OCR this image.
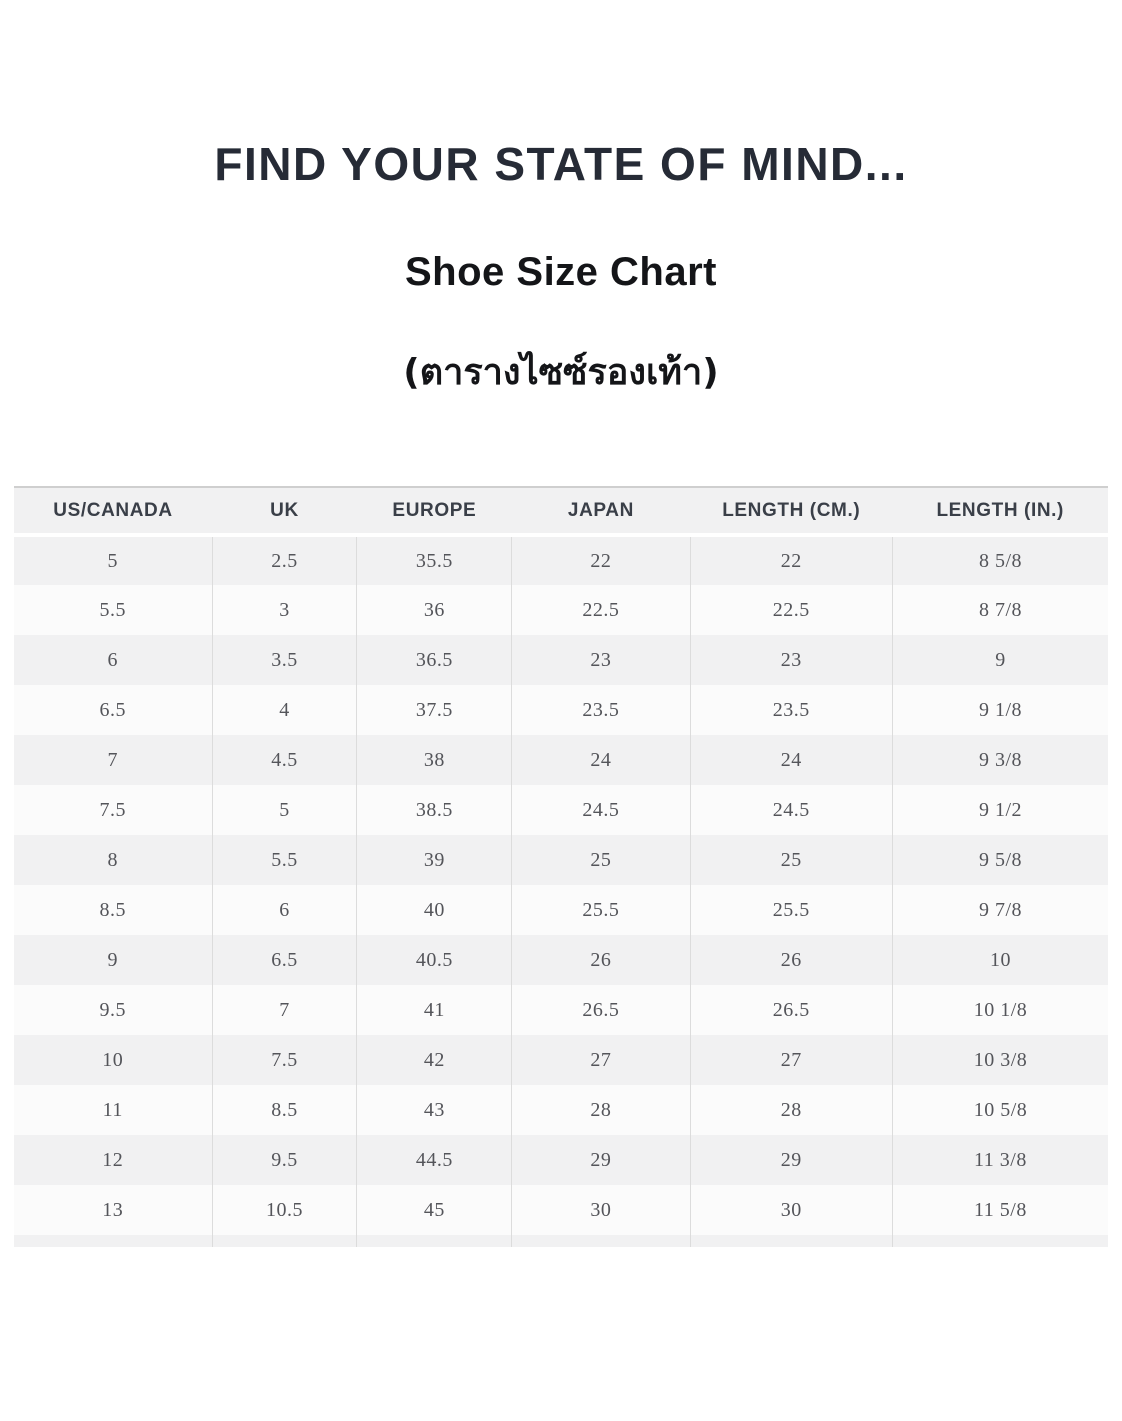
FIND YOUR STATE OF MIND...
Shoe Size Chart
(ตารางไซซ์รองเท้า)
US/CANADA	UK	EUROPE	JAPAN	LENGTH (CM.)	LENGTH (IN.)
5	2.5	35.5	22	22	8 5/8
5.5	3	36	22.5	22.5	8 7/8
6	3.5	36.5	23	23	9
6.5	4	37.5	23.5	23.5	9 1/8
7	4.5	38	24	24	9 3/8
7.5	5	38.5	24.5	24.5	9 1/2
8	5.5	39	25	25	9 5/8
8.5	6	40	25.5	25.5	9 7/8
9	6.5	40.5	26	26	10
9.5	7	41	26.5	26.5	10 1/8
10	7.5	42	27	27	10 3/8
11	8.5	43	28	28	10 5/8
12	9.5	44.5	29	29	11 3/8
13	10.5	45	30	30	11 5/8
